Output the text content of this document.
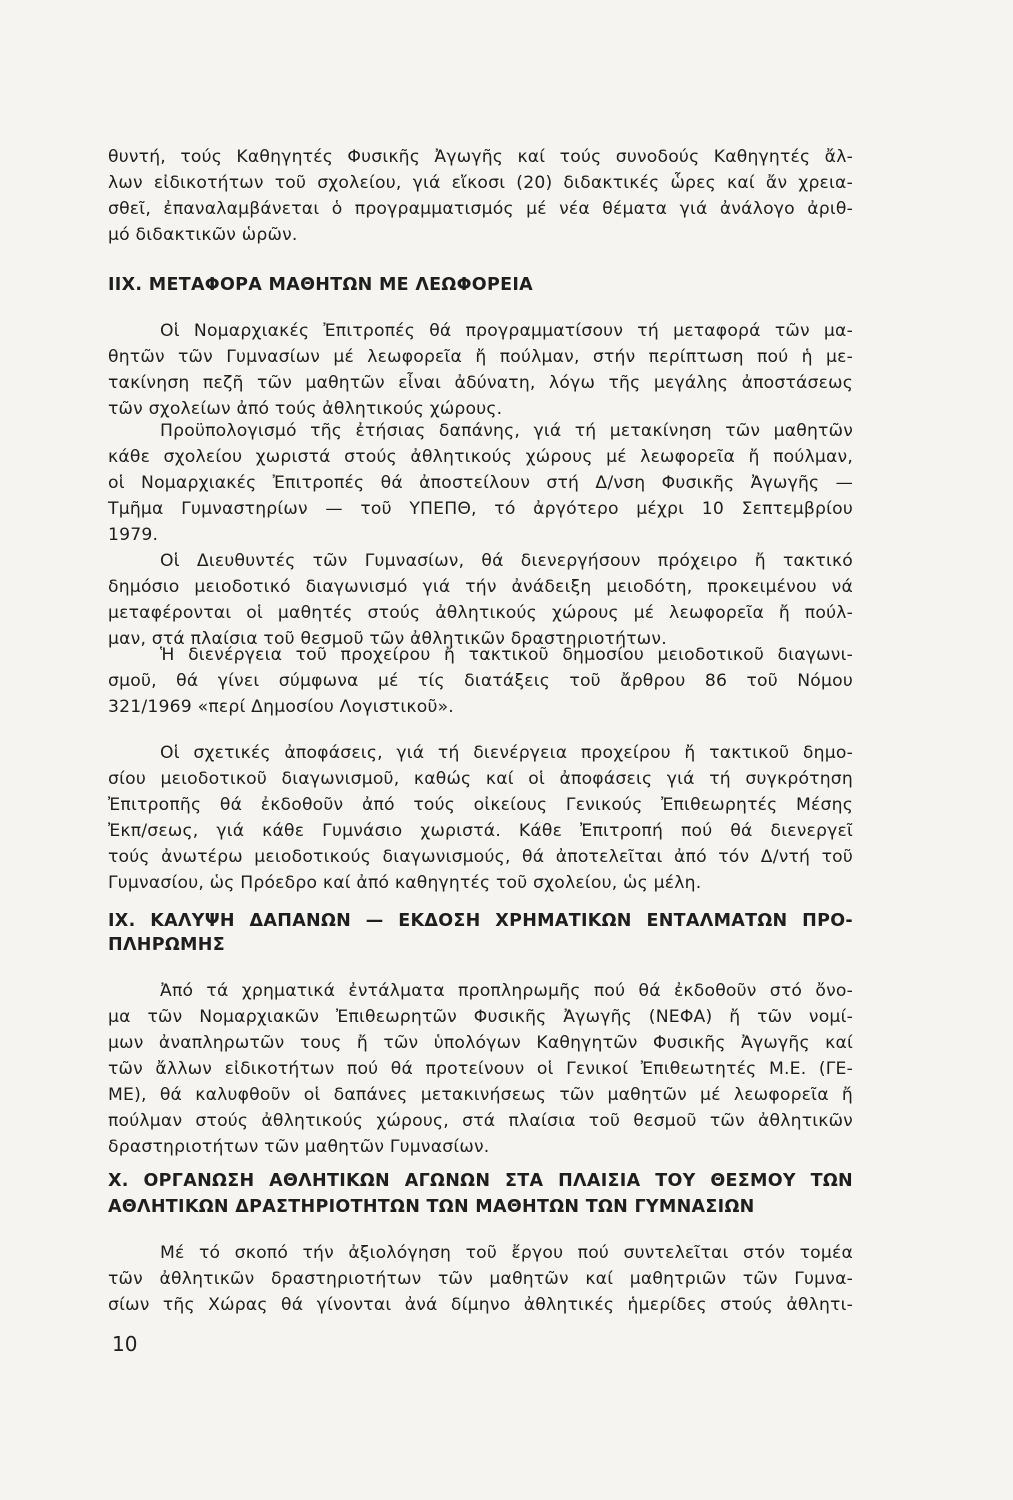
θυντή, τούς Καθηγητές Φυσικῆς Ἀγωγῆς καί τούς συνοδούς Καθηγητές ἄλ-

λων εἰδικοτήτων τοῦ σχολείου, γιά εἴκοσι (20) διδακτικές ὧρες καί ἄν χρεια-

σθεῖ, ἐπαναλαμβάνεται ὁ προγραμματισμός μέ νέα θέματα γιά ἀνάλογο ἀριθ-

μό διδακτικῶν ὡρῶν.

ΙΙΧ. ΜΕΤΑΦΟΡΑ ΜΑΘΗΤΩΝ ΜΕ ΛΕΩΦΟΡΕΙΑ

Οἱ Νομαρχιακές Ἐπιτροπές θά προγραμματίσουν τή μεταφορά τῶν μα-

θητῶν τῶν Γυμνασίων μέ λεωφορεῖα ἤ πούλμαν, στήν περίπτωση πού ἡ με-

τακίνηση πεζῆ τῶν μαθητῶν εἶναι ἀδύνατη, λόγω τῆς μεγάλης ἀποστάσεως

τῶν σχολείων ἀπό τούς ἀθλητικούς χώρους.

Προϋπολογισμό τῆς ἐτήσιας δαπάνης, γιά τή μετακίνηση τῶν μαθητῶν

κάθε σχολείου χωριστά στούς ἀθλητικούς χώρους μέ λεωφορεῖα ἤ πούλμαν,

οἱ Νομαρχιακές Ἐπιτροπές θά ἀποστείλουν στή Δ/νση Φυσικῆς Ἀγωγῆς —

Τμῆμα Γυμναστηρίων — τοῦ ΥΠΕΠΘ, τό ἀργότερο μέχρι 10 Σεπτεμβρίου

1979.

Οἱ Διευθυντές τῶν Γυμνασίων, θά διενεργήσουν πρόχειρο ἤ τακτικό

δημόσιο μειοδοτικό διαγωνισμό γιά τήν ἀνάδειξη μειοδότη, προκειμένου νά

μεταφέρονται οἱ μαθητές στούς ἀθλητικούς χώρους μέ λεωφορεῖα ἤ πούλ-

μαν, στά πλαίσια τοῦ θεσμοῦ τῶν ἀθλητικῶν δραστηριοτήτων.

Ἡ διενέργεια τοῦ προχείρου ἤ τακτικοῦ δημοσίου μειοδοτικοῦ διαγωνι-

σμοῦ, θά γίνει σύμφωνα μέ τίς διατάξεις τοῦ ἄρθρου 86 τοῦ Νόμου

321/1969 «περί Δημοσίου Λογιστικοῦ».

Οἱ σχετικές ἀποφάσεις, γιά τή διενέργεια προχείρου ἤ τακτικοῦ δημο-

σίου μειοδοτικοῦ διαγωνισμοῦ, καθώς καί οἱ ἀποφάσεις γιά τή συγκρότηση

Ἐπιτροπῆς θά ἐκδοθοῦν ἀπό τούς οἰκείους Γενικούς Ἐπιθεωρητές Μέσης

Ἐκπ/σεως, γιά κάθε Γυμνάσιο χωριστά. Κάθε Ἐπιτροπή πού θά διενεργεῖ

τούς ἀνωτέρω μειοδοτικούς διαγωνισμούς, θά ἀποτελεῖται ἀπό τόν Δ/ντή τοῦ

Γυμνασίου, ὡς Πρόεδρο καί ἀπό καθηγητές τοῦ σχολείου, ὡς μέλη.

ΙΧ. ΚΑΛΥΨΗ ΔΑΠΑΝΩΝ — ΕΚΔΟΣΗ ΧΡΗΜΑΤΙΚΩΝ ΕΝΤΑΛΜΑΤΩΝ ΠΡΟ-
ΠΛΗΡΩΜΗΣ

Ἀπό τά χρηματικά ἐντάλματα προπληρωμῆς πού θά ἐκδοθοῦν στό ὄνο-

μα τῶν Νομαρχιακῶν Ἐπιθεωρητῶν Φυσικῆς Ἀγωγῆς (ΝΕΦΑ) ἤ τῶν νομί-

μων ἀναπληρωτῶν τους ἤ τῶν ὑπολόγων Καθηγητῶν Φυσικῆς Ἀγωγῆς καί

τῶν ἄλλων εἰδικοτήτων πού θά προτείνουν οἱ Γενικοί Ἐπιθεωτητές Μ.Ε. (ΓΕ-

ΜΕ), θά καλυφθοῦν οἱ δαπάνες μετακινήσεως τῶν μαθητῶν μέ λεωφορεῖα ἤ

πούλμαν στούς ἀθλητικούς χώρους, στά πλαίσια τοῦ θεσμοῦ τῶν ἀθλητικῶν

δραστηριοτήτων τῶν μαθητῶν Γυμνασίων.

Χ. ΟΡΓΑΝΩΣΗ ΑΘΛΗΤΙΚΩΝ ΑΓΩΝΩΝ ΣΤΑ ΠΛΑΙΣΙΑ ΤΟΥ ΘΕΣΜΟΥ ΤΩΝ
ΑΘΛΗΤΙΚΩΝ ΔΡΑΣΤΗΡΙΟΤΗΤΩΝ ΤΩΝ ΜΑΘΗΤΩΝ ΤΩΝ ΓΥΜΝΑΣΙΩΝ

Μέ τό σκοπό τήν ἀξιολόγηση τοῦ ἔργου πού συντελεῖται στόν τομέα

τῶν ἀθλητικῶν δραστηριοτήτων τῶν μαθητῶν καί μαθητριῶν τῶν Γυμνα-

σίων τῆς Χώρας θά γίνονται ἀνά δίμηνο ἀθλητικές ἡμερίδες στούς ἀθλητι-

10
